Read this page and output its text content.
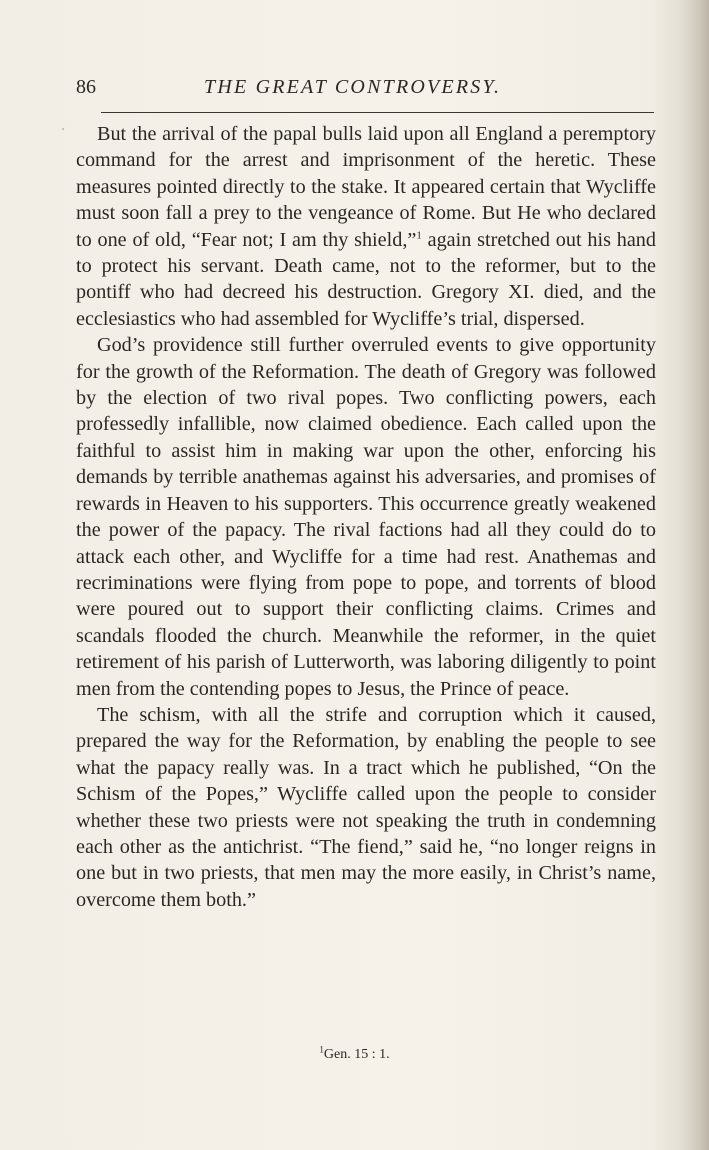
86	THE GREAT CONTROVERSY.

But the arrival of the papal bulls laid upon all England a peremptory command for the arrest and imprisonment of the heretic. These measures pointed directly to the stake. It appeared certain that Wycliffe must soon fall a prey to the vengeance of Rome. But He who declared to one of old, “Fear not; I am thy shield,”$^1$ again stretched out his hand to protect his servant. Death came, not to the reformer, but to the pontiff who had decreed his destruction. Gregory XI. died, and the ecclesiastics who had assembled for Wycliffe’s trial, dispersed.

God’s providence still further overruled events to give opportunity for the growth of the Reformation. The death of Gregory was followed by the election of two rival popes. Two conflicting powers, each professedly infallible, now claimed obedience. Each called upon the faithful to assist him in making war upon the other, enforcing his demands by terrible anathemas against his adversaries, and promises of rewards in Heaven to his supporters. This occurrence greatly weakened the power of the papacy. The rival factions had all they could do to attack each other, and Wycliffe for a time had rest. Anathemas and recriminations were flying from pope to pope, and torrents of blood were poured out to support their conflicting claims. Crimes and scandals flooded the church. Meanwhile the reformer, in the quiet retirement of his parish of Lutterworth, was laboring diligently to point men from the contending popes to Jesus, the Prince of peace.

The schism, with all the strife and corruption which it caused, prepared the way for the Reformation, by enabling the people to see what the papacy really was. In a tract which he published, “On the Schism of the Popes,” Wycliffe called upon the people to consider whether these two priests were not speaking the truth in condemning each other as the antichrist. “The fiend,” said he, “no longer reigns in one but in two priests, that men may the more easily, in Christ’s name, overcome them both.”

$^1$Gen. 15 : 1.
